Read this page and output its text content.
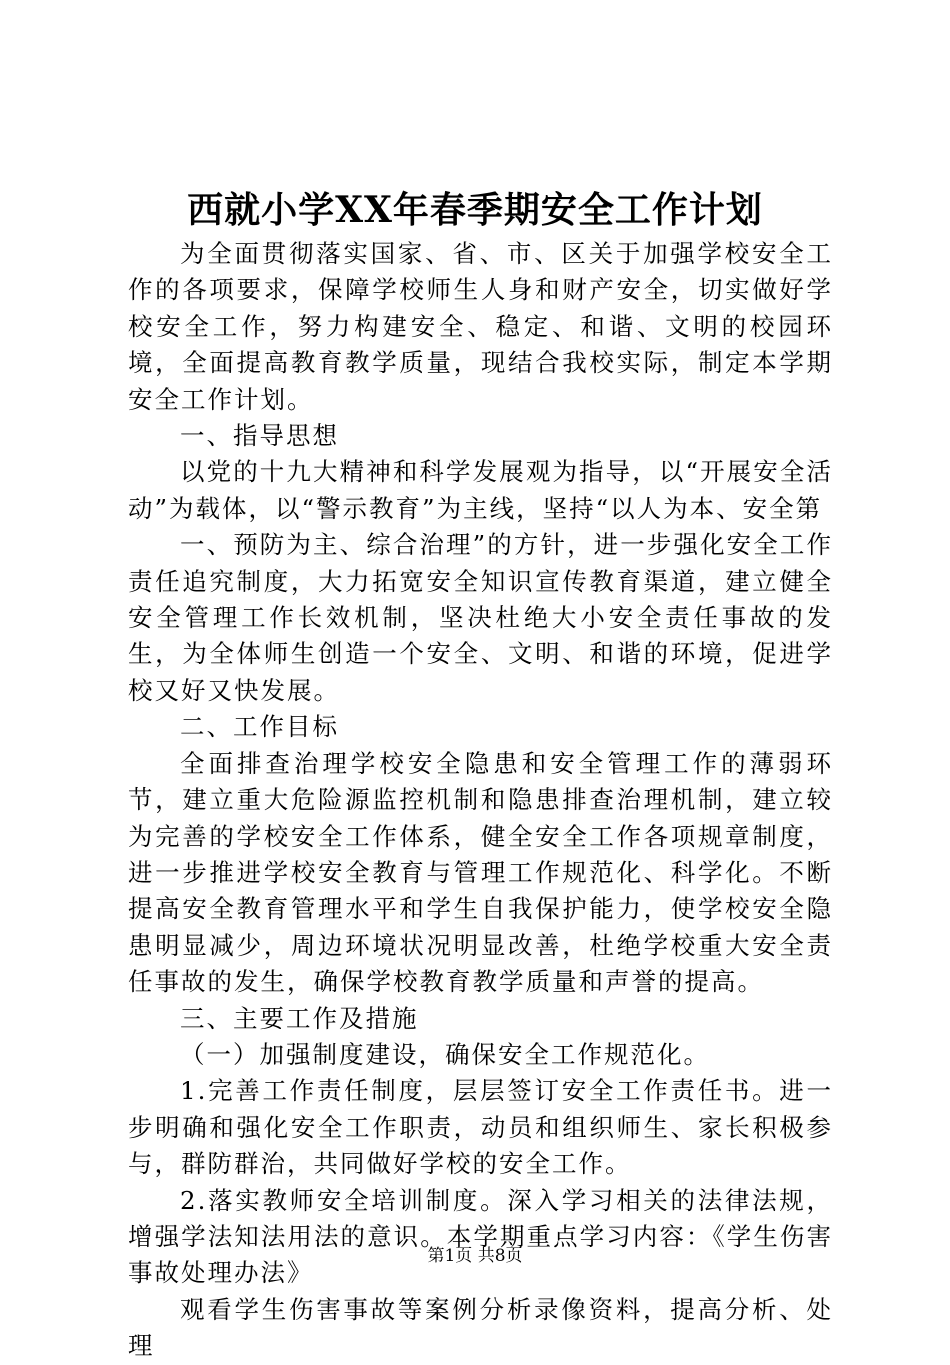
西就小学XX年春季期安全工作计划

为全面贯彻落实国家、省、市、区关于加强学校安全工作的各项要求，保障学校师生人身和财产安全，切实做好学校安全工作，努力构建安全、稳定、和谐、文明的校园环境，全面提高教育教学质量，现结合我校实际，制定本学期安全工作计划。

一、指导思想

以党的十九大精神和科学发展观为指导，以“开展安全活动”为载体，以“警示教育”为主线，坚持“以人为本、安全第

一、预防为主、综合治理”的方针，进一步强化安全工作责任追究制度，大力拓宽安全知识宣传教育渠道，建立健全安全管理工作长效机制，坚决杜绝大小安全责任事故的发生，为全体师生创造一个安全、文明、和谐的环境，促进学校又好又快发展。

二、工作目标

全面排查治理学校安全隐患和安全管理工作的薄弱环节，建立重大危险源监控机制和隐患排查治理机制，建立较为完善的学校安全工作体系，健全安全工作各项规章制度，进一步推进学校安全教育与管理工作规范化、科学化。不断提高安全教育管理水平和学生自我保护能力，使学校安全隐患明显减少，周边环境状况明显改善，杜绝学校重大安全责任事故的发生，确保学校教育教学质量和声誉的提高。

三、主要工作及措施

（一）加强制度建设，确保安全工作规范化。

1.完善工作责任制度，层层签订安全工作责任书。进一步明确和强化安全工作职责，动员和组织师生、家长积极参与，群防群治，共同做好学校的安全工作。

2.落实教师安全培训制度。深入学习相关的法律法规，增强学法知法用法的意识。本学期重点学习内容：《学生伤害事故处理办法》

观看学生伤害事故等案例分析录像资料，提高分析、处理

第1页 共8页
